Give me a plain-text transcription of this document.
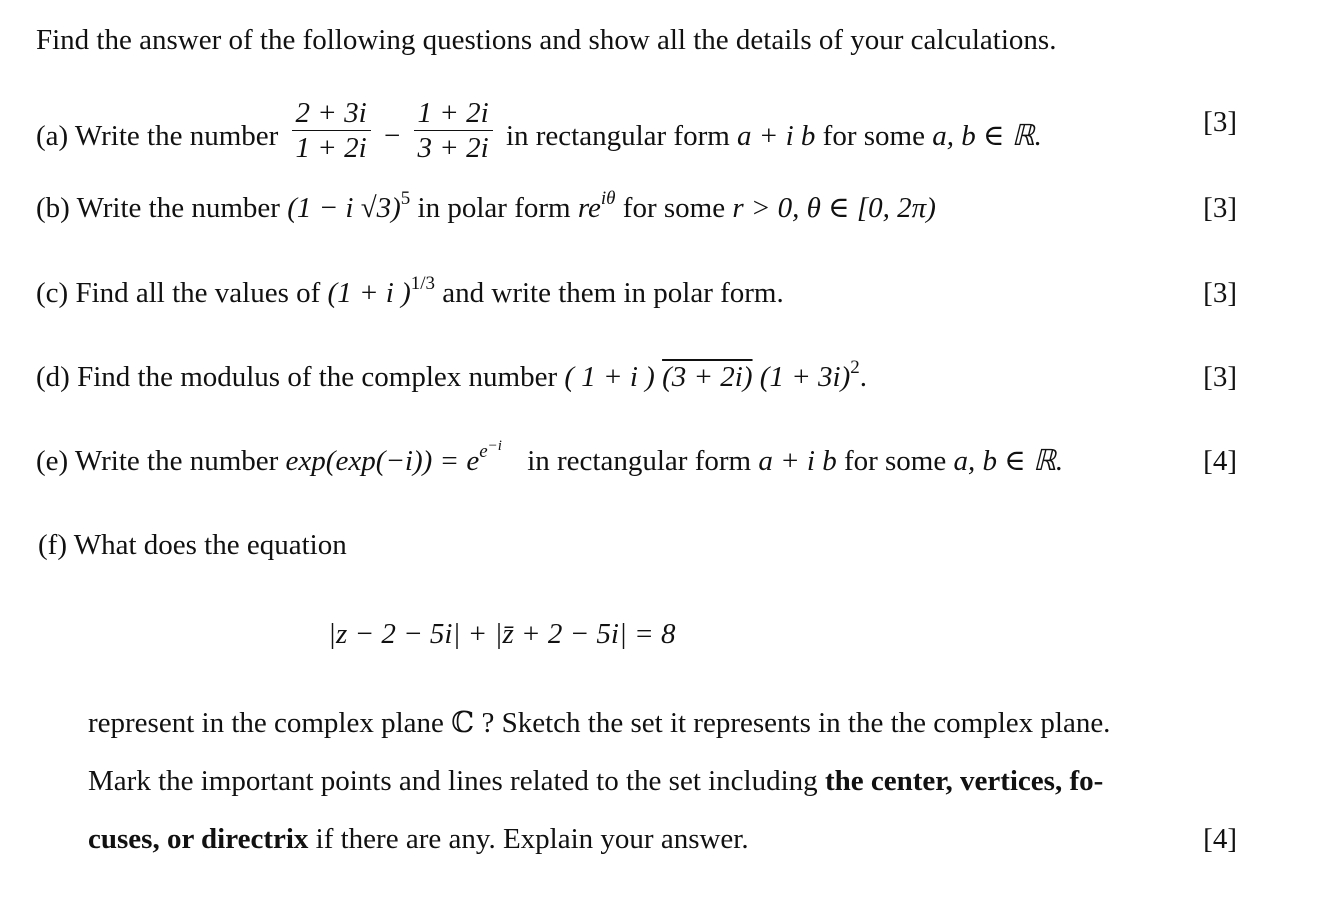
Find the answer of the following questions and show all the details of your calculations.
(a) Write the number $\frac{2 + 3i}{1 + 2i} - \frac{1 + 2i}{3 + 2i}$ in rectangular form a + i b for some a, b ∈ ℝ.	[3]
(b) Write the number (1 − i √3)$^5$ in polar form $re^{i\theta}$ for some r > 0, θ ∈ [0, 2π)	[3]
(c) Find all the values of (1 + i )$^{1/3}$ and write them in polar form.	[3]
(d) Find the modulus of the complex number ( 1 + i ) (3 + 2i) $(1 + 3i)^2$.	[3]
(e) Write the number $\exp(\exp(-i)) = e^{e-i}$ in rectangular form a + i b for some a, b ∈ ℝ.	[4]
(f) What does the equation
|z − 2 − 5i| + |z̄ + 2 − 5i| = 8
represent in the complex plane ℂ ? Sketch the set it represents in the the complex plane.
Mark the important points and lines related to the set including the center, vertices, fo-
cuses, or directrix if there are any. Explain your answer.	[4]
